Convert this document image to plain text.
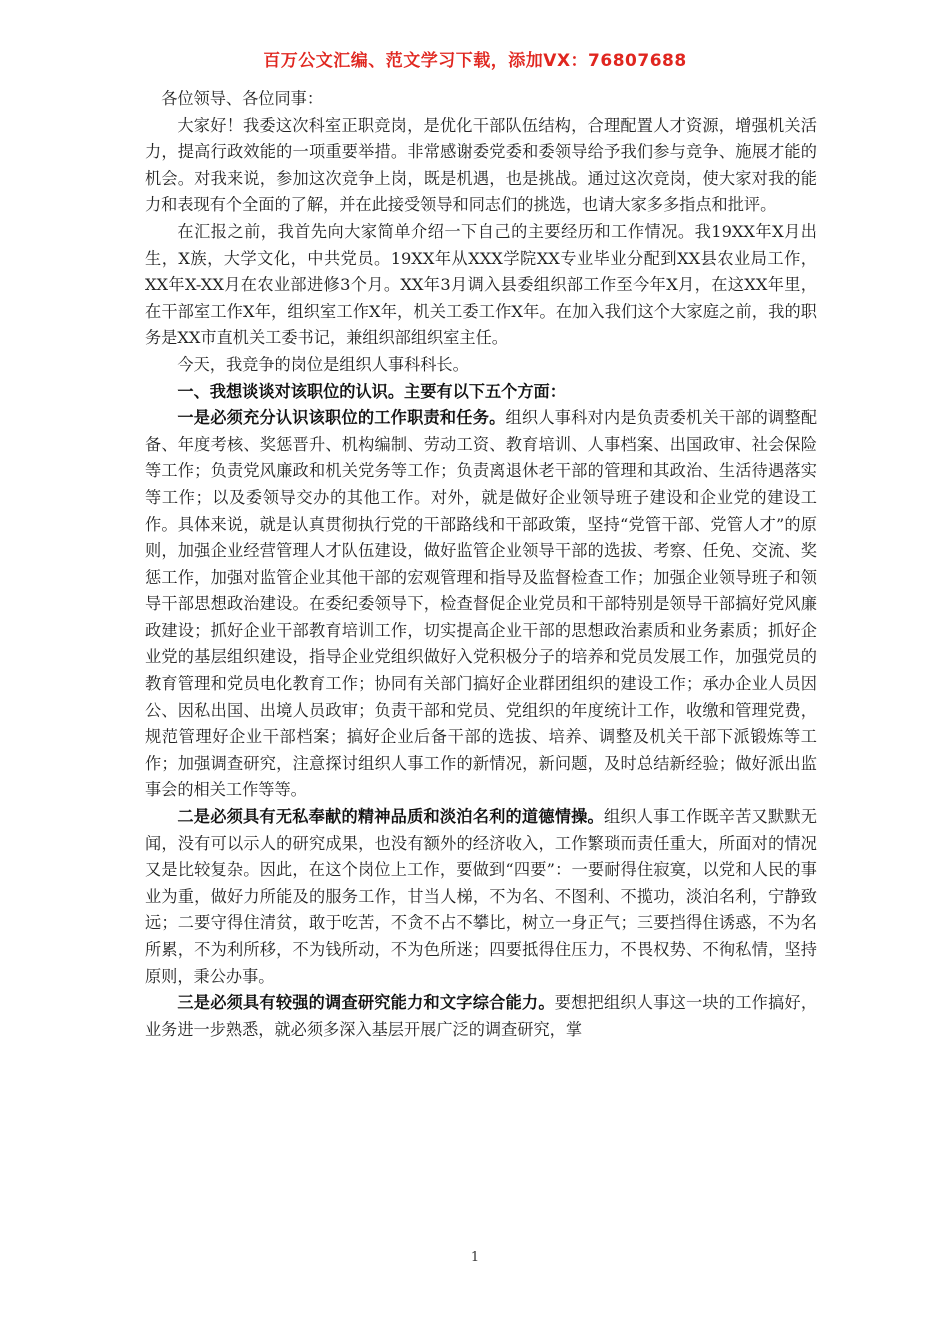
百万公文汇编、范文学习下载，添加VX：76807688

各位领导、各位同事：

大家好！我委这次科室正职竞岗，是优化干部队伍结构，合理配置人才资源，增强机关活力，提高行政效能的一项重要举措。非常感谢委党委和委领导给予我们参与竞争、施展才能的机会。对我来说，参加这次竞争上岗，既是机遇，也是挑战。通过这次竞岗，使大家对我的能力和表现有个全面的了解，并在此接受领导和同志们的挑选，也请大家多多指点和批评。

在汇报之前，我首先向大家简单介绍一下自己的主要经历和工作情况。我19XX年X月出生，X族，大学文化，中共党员。19XX年从XXX学院XX专业毕业分配到XX县农业局工作，XX年X-XX月在农业部进修3个月。XX年3月调入县委组织部工作至今年X月，在这XX年里，在干部室工作X年，组织室工作X年，机关工委工作X年。在加入我们这个大家庭之前，我的职务是XX市直机关工委书记，兼组织部组织室主任。

今天，我竞争的岗位是组织人事科科长。

一、我想谈谈对该职位的认识。主要有以下五个方面：

一是必须充分认识该职位的工作职责和任务。组织人事科对内是负责委机关干部的调整配备、年度考核、奖惩晋升、机构编制、劳动工资、教育培训、人事档案、出国政审、社会保险等工作；负责党风廉政和机关党务等工作；负责离退休老干部的管理和其政治、生活待遇落实等工作；以及委领导交办的其他工作。对外，就是做好企业领导班子建设和企业党的建设工作。具体来说，就是认真贯彻执行党的干部路线和干部政策，坚持“党管干部、党管人才”的原则，加强企业经营管理人才队伍建设，做好监管企业领导干部的选拔、考察、任免、交流、奖惩工作，加强对监管企业其他干部的宏观管理和指导及监督检查工作；加强企业领导班子和领导干部思想政治建设。在委纪委领导下，检查督促企业党员和干部特别是领导干部搞好党风廉政建设；抓好企业干部教育培训工作，切实提高企业干部的思想政治素质和业务素质；抓好企业党的基层组织建设，指导企业党组织做好入党积极分子的培养和党员发展工作，加强党员的教育管理和党员电化教育工作；协同有关部门搞好企业群团组织的建设工作；承办企业人员因公、因私出国、出境人员政审；负责干部和党员、党组织的年度统计工作，收缴和管理党费，规范管理好企业干部档案；搞好企业后备干部的选拔、培养、调整及机关干部下派锻炼等工作；加强调查研究，注意探讨组织人事工作的新情况，新问题，及时总结新经验；做好派出监事会的相关工作等等。

二是必须具有无私奉献的精神品质和淡泊名利的道德情操。组织人事工作既辛苦又默默无闻，没有可以示人的研究成果，也没有额外的经济收入，工作繁琐而责任重大，所面对的情况又是比较复杂。因此，在这个岗位上工作，要做到“四要”：一要耐得住寂寞，以党和人民的事业为重，做好力所能及的服务工作，甘当人梯，不为名、不图利、不揽功，淡泊名利，宁静致远；二要守得住清贫，敢于吃苦，不贪不占不攀比，树立一身正气；三要挡得住诱惑，不为名所累，不为利所移，不为钱所动，不为色所迷；四要抵得住压力，不畏权势、不徇私情，坚持原则，秉公办事。

三是必须具有较强的调查研究能力和文字综合能力。要想把组织人事这一块的工作搞好，业务进一步熟悉，就必须多深入基层开展广泛的调查研究，掌

1
